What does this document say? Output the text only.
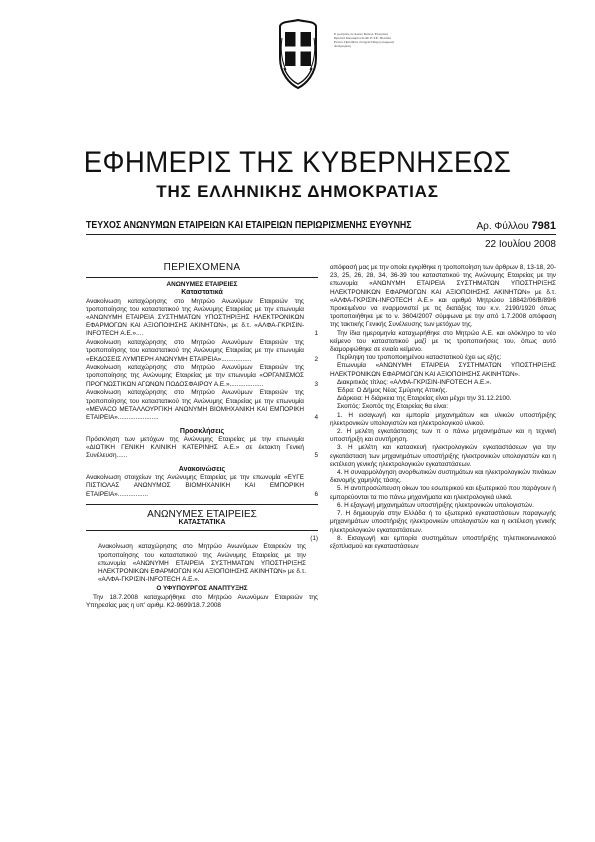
Ε ρωτήσεις σε Άυλες Καινοτ. Ελληνική Πρέσσα Ιανουαρίου Κ.Μ. Ε.Τ.Ε. Πλατεία Εκτύπ. Πρόσθετα στοιχεία Πλήρη σύμφωνα Αναγνώριση
ΕΦΗΜΕΡΙΣ ΤΗΣ ΚΥΒΕΡΝΗΣΕΩΣ
ΤΗΣ ΕΛΛΗΝΙΚΗΣ ΔΗΜΟΚΡΑΤΙΑΣ
ΤΕΥΧΟΣ ΑΝΩΝΥΜΩΝ ΕΤΑΙΡΕΙΩΝ ΚΑΙ ΕΤΑΙΡΕΙΩΝ ΠΕΡΙΩΡΙΣΜΕΝΗΣ ΕΥΘΥΝΗΣ	Αρ. Φύλλου 7981
22 Ιουλίου 2008
ΠΕΡΙΕΧΟΜΕΝΑ
ΑΝΩΝΥΜΕΣ ΕΤΑΙΡΕΙΕΣ
Καταστατικά
Ανακοίνωση καταχώρησης στο Μητρώο Ανωνύμων Εταιρειών της τροποποίησης του καταστατικού της Ανώνυμης Εταιρείας με την επωνυμία «ΑΝΩΝΥΜΗ ΕΤΑΙΡΕΙΑ ΣΥΣΤΗΜΑΤΩΝ ΥΠΟΣΤΗΡΙΞΗΣ ΗΛΕΚΤΡΟΝΙΚΩΝ ΕΦΑΡΜΟΓΩΝ ΚΑΙ ΑΞΙΟΠΟΙΗΣΗΣ ΑΚΙΝΗΤΩΝ», με δ.τ. «ΑΛΦΑ-ΓΚΡΙΣΙΝ-ΙΝFOTECH Α.Ε.»....	1
Ανακοίνωση καταχώρησης στο Μητρώο Ανωνύμων Εταιρειών της τροποποίησης του καταστατικού της Ανώνυμης Εταιρείας με την επωνυμία «ΕΚΔΟΣΕΙΣ ΛΥΜΠΕΡΗ ΑΝΩΝΥΜΗ ΕΤΑΙΡΕΙΑ».................	2
Ανακοίνωση καταχώρησης στο Μητρώο Ανωνύμων Εταιρειών της τροποποίησης της Ανώνυμης Εταιρείας με την επωνυμία «ΟΡΓΑΝΙΣΜΟΣ ΠΡΟΓΝΩΣΤΙΚΩΝ ΑΓΩΝΩΝ ΠΟΔΟΣΦΑΙΡΟΥ Α.Ε.»...................	3
Ανακοίνωση καταχώρησης στο Μητρώο Ανωνύμων Εταιρειών της τροποποίησης του καταστατικού της Ανώνυμης Εταιρείας με την επωνυμία «ΜΕVACO ΜΕΤΑΛΛΟΥΡΓΙΚΗ ΑΝΩΝΥΜΗ ΒΙΟΜΗΧΑΝΙΚΗ ΚΑΙ ΕΜΠΟΡΙΚΗ ΕΤΑΙΡΕΙΑ».......................	4
Προσκλήσεις
Πρόσκληση των μετόχων της Ανώνυμης Εταιρείας με την επωνυμία «ΔΙΩΤΙΚΗ ΓΕΝΙΚΗ ΚΛΙΝΙΚΗ ΚΑΤΕΡΙΝΗΣ Α.Ε.» σε έκτακτη Γενική Συνέλευση......	5
Ανακοινώσεις
Ανακοίνωση στοιχείων της Ανώνυμης Εταιρείας με την επωνυμία «ΕΥΓΕ ΠΙΣΤΙΟΛΑΣ ΑΝΩΝΥΜΟΣ ΒΙΟΜΗΧΑΝΙΚΗ ΚΑΙ ΕΜΠΟΡΙΚΗ ΕΤΑΙΡΕΙΑ».................	6
ΑΝΩΝΥΜΕΣ ΕΤΑΙΡΕΙΕΣ
ΚΑΤΑΣΤΑΤΙΚΑ
(1)
Ανακοίνωση καταχώρησης στο Μητρώο Ανωνύμων Εταιρειών της τροποποίησης του καταστατικού της Ανώνυμης Εταιρείας με την επωνυμία «ΑΝΩΝΥΜΗ ΕΤΑΙΡΕΙΑ ΣΥΣΤΗΜΑΤΩΝ ΥΠΟΣΤΗΡΙΞΗΣ ΗΛΕΚΤΡΟΝΙΚΩΝ ΕΦΑΡΜΟΓΩΝ ΚΑΙ ΑΞΙΟΠΟΙΗΣΗΣ ΑΚΙΝΗΤΩΝ» με δ.τ. «ΑΛΦΑ-ΓΚΡΙΣΙΝ-ΙΝFOTECH Α.Ε.».
Ο ΥΦΥΠΟΥΡΓΟΣ ΑΝΑΠΤΥΞΗΣ

Την 18.7.2008 καταχωρήθηκε στο Μητρώο Ανωνύμων Εταιρειών της Υπηρεσίας μας η υπ' αριθμ. Κ2-9699/18.7.2008

απόφασή μας με την οποία εγκρίθηκε η τροποποίηση των άρθρων 8, 13-18, 20-23, 25, 26, 28, 34, 36-39 του καταστατικού της Ανώνυμης Εταιρείας με την επωνυμία «ΑΝΩΝΥΜΗ ΕΤΑΙΡΕΙΑ ΣΥΣΤΗΜΑΤΩΝ ΥΠΟΣΤΗΡΙΞΗΣ ΗΛΕΚΤΡΟΝΙΚΩΝ ΕΦΑΡΜΟΓΩΝ ΚΑΙ ΑΞΙΟΠΟΙΗΣΗΣ ΑΚΙΝΗΤΩΝ» με δ.τ. «ΑΛΦΑ-ΓΚΡΙΣΙΝ-ΙΝFOTECH Α.Ε.» και αριθμό Μητρώου 18842/06/Β/89/6 προκειμένου να εναρμονιστεί με τις διατάξεις του κ.ν. 2190/1920 όπως τροποποιήθηκε με το ν. 3604/2007 σύμφωνα με την από 1.7.2008 απόφαση της τακτικής Γενικής Συνέλευσης των μετόχων της.

Την ίδια ημερομηνία καταχωρήθηκε στο Μητρώο Α.Ε. και ολόκληρο το νέο κείμενο του καταστατικού μαζί με τις τροποποιήσεις του, όπως αυτό διαμορφώθηκε σε ενιαίο κείμενο.

Περίληψη του τροποποιημένου καταστατικού έχει ως εξής:

Επωνυμία «ΑΝΩΝΥΜΗ ΕΤΑΙΡΕΙΑ ΣΥΣΤΗΜΑΤΩΝ ΥΠΟΣΤΗΡΙΞΗΣ ΗΛΕΚΤΡΟΝΙΚΩΝ ΕΦΑΡΜΟΓΩΝ ΚΑΙ ΑΞΙΟΠΟΙΗΣΗΣ ΑΚΙΝΗΤΩΝ».

Διακριτικός τίτλος: «ΑΛΦΑ-ΓΚΡΙΣΙΝ-ΙΝFOTECH Α.Ε.».

Έδρα: Ο Δήμος Νέας Σμύρνης Αττικής.

Διάρκεια: Η διάρκεια της Εταιρείας είναι μέχρι την 31.12.2100.

Σκοπός: Σκοπός της Εταιρείας θα είναι:

1. Η εισαγωγή και εμπορία μηχανημάτων και υλικών υποστήριξης ηλεκτρονικών υπολογιστών και ηλεκτρολογικού υλικού.

2. Η μελέτη εγκατάστασης των π ο πάνω μηχανημάτων και η τεχνική υποστήριξη και συντήρηση.

3. Η μελέτη και κατασκευή ηλεκτρολογικών εγκαταστάσεων για την εγκατάσταση των μηχανημάτων υποστήριξης ηλεκτρονικών υπολογιστών και η εκτέλεση γενικής ηλεκτρολογικών εγκαταστάσεων.

4. Η συναρμολόγηση ανορθωτικών συστημάτων και ηλεκτρολογικών πινάκων διανομής χαμηλής τάσης.

5. Η αντιπροσώπευση οίκων του εσωτερικού και εξωτερικού που παράγουν ή εμπορεύονται τα πιο πάνω μηχανήματα και ηλεκτρολογικά υλικά.

6. Η εξαγωγή μηχανημάτων υποστήριξης ηλεκτρονικών υπολογιστών.

7. Η δημιουργία στην Ελλάδα ή το εξωτερικό εγκαταστάσεων παραγωγής μηχανημάτων υποστήριξης ηλεκτρονικών υπολογιστών και η εκτέλεση γενικής ηλεκτρολογικών εγκαταστάσεων.

8. Εισαγωγή και εμπορία συστημάτων υποστήριξης τηλεπικοινωνιακού εξοπλισμού και εγκαταστάσεων
